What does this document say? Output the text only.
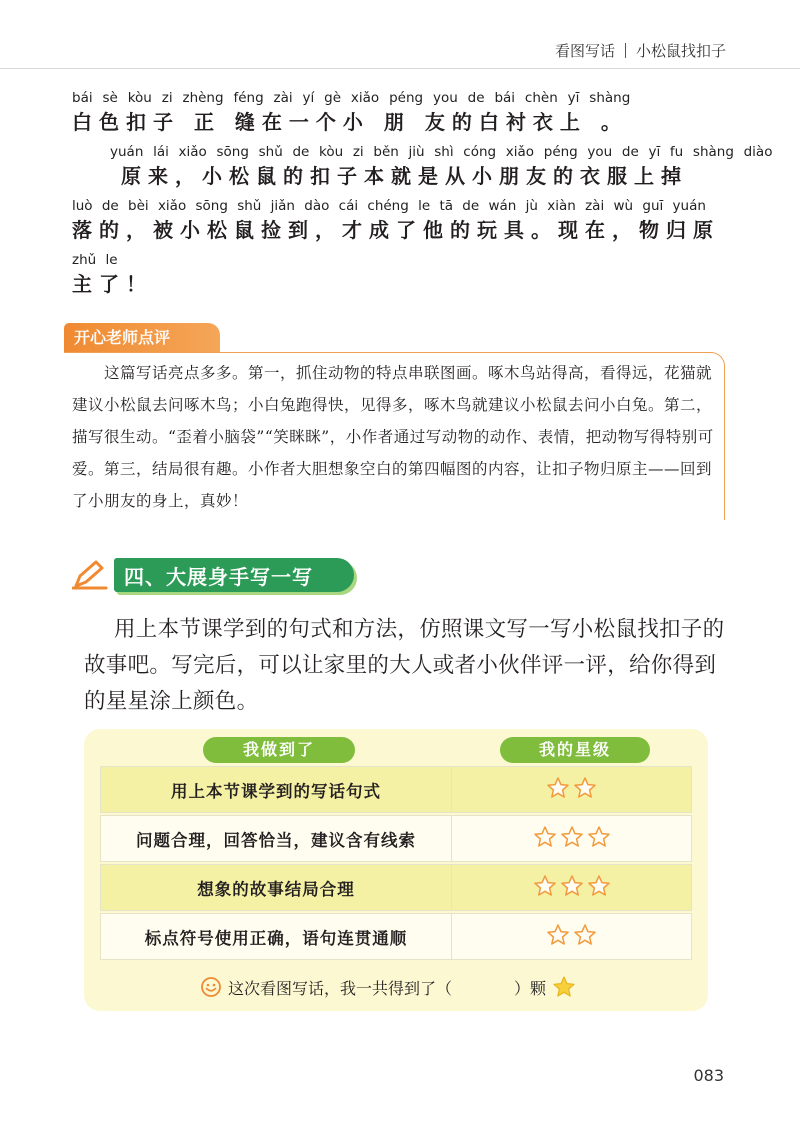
看图写话 小松鼠找扣子
bái sè kòu zi zhèng féng zài yí gè xiǎo péng you de bái chèn yī shàng
白色扣子 正 缝在一个小 朋 友的白衬衣上 。
yuán lái xiǎo sōng shǔ de kòu zi běn jiù shì cóng xiǎo péng you de yī fu shàng diào
原来，小松鼠的扣子本就是从小朋友的衣服上掉
luò de bèi xiǎo sōng shǔ jiǎn dào cái chéng le tā de wán jù xiàn zài wù guī yuán
落的，被小松鼠捡到，才成了他的玩具。现在，物归原
zhǔ le
主了！
开心老师点评
这篇写话亮点多多。第一，抓住动物的特点串联图画。啄木鸟站得高，看得远，花猫就建议小松鼠去问啄木鸟；小白兔跑得快，见得多，啄木鸟就建议小松鼠去问小白兔。第二，描写很生动。“歪着小脑袋”“笑眯眯”，小作者通过写动物的动作、表情，把动物写得特别可爱。第三，结局很有趣。小作者大胆想象空白的第四幅图的内容，让扣子物归原主——回到了小朋友的身上，真妙！
四、大展身手写一写
用上本节课学到的句式和方法，仿照课文写一写小松鼠找扣子的故事吧。写完后，可以让家里的大人或者小伙伴评一评，给你得到的星星涂上颜色。
我做到了	我的星级
用上本节课学到的写话句式
问题合理，回答恰当，建议含有线索
想象的故事结局合理
标点符号使用正确，语句连贯通顺
这次看图写话，我一共得到了（	）颗
083
